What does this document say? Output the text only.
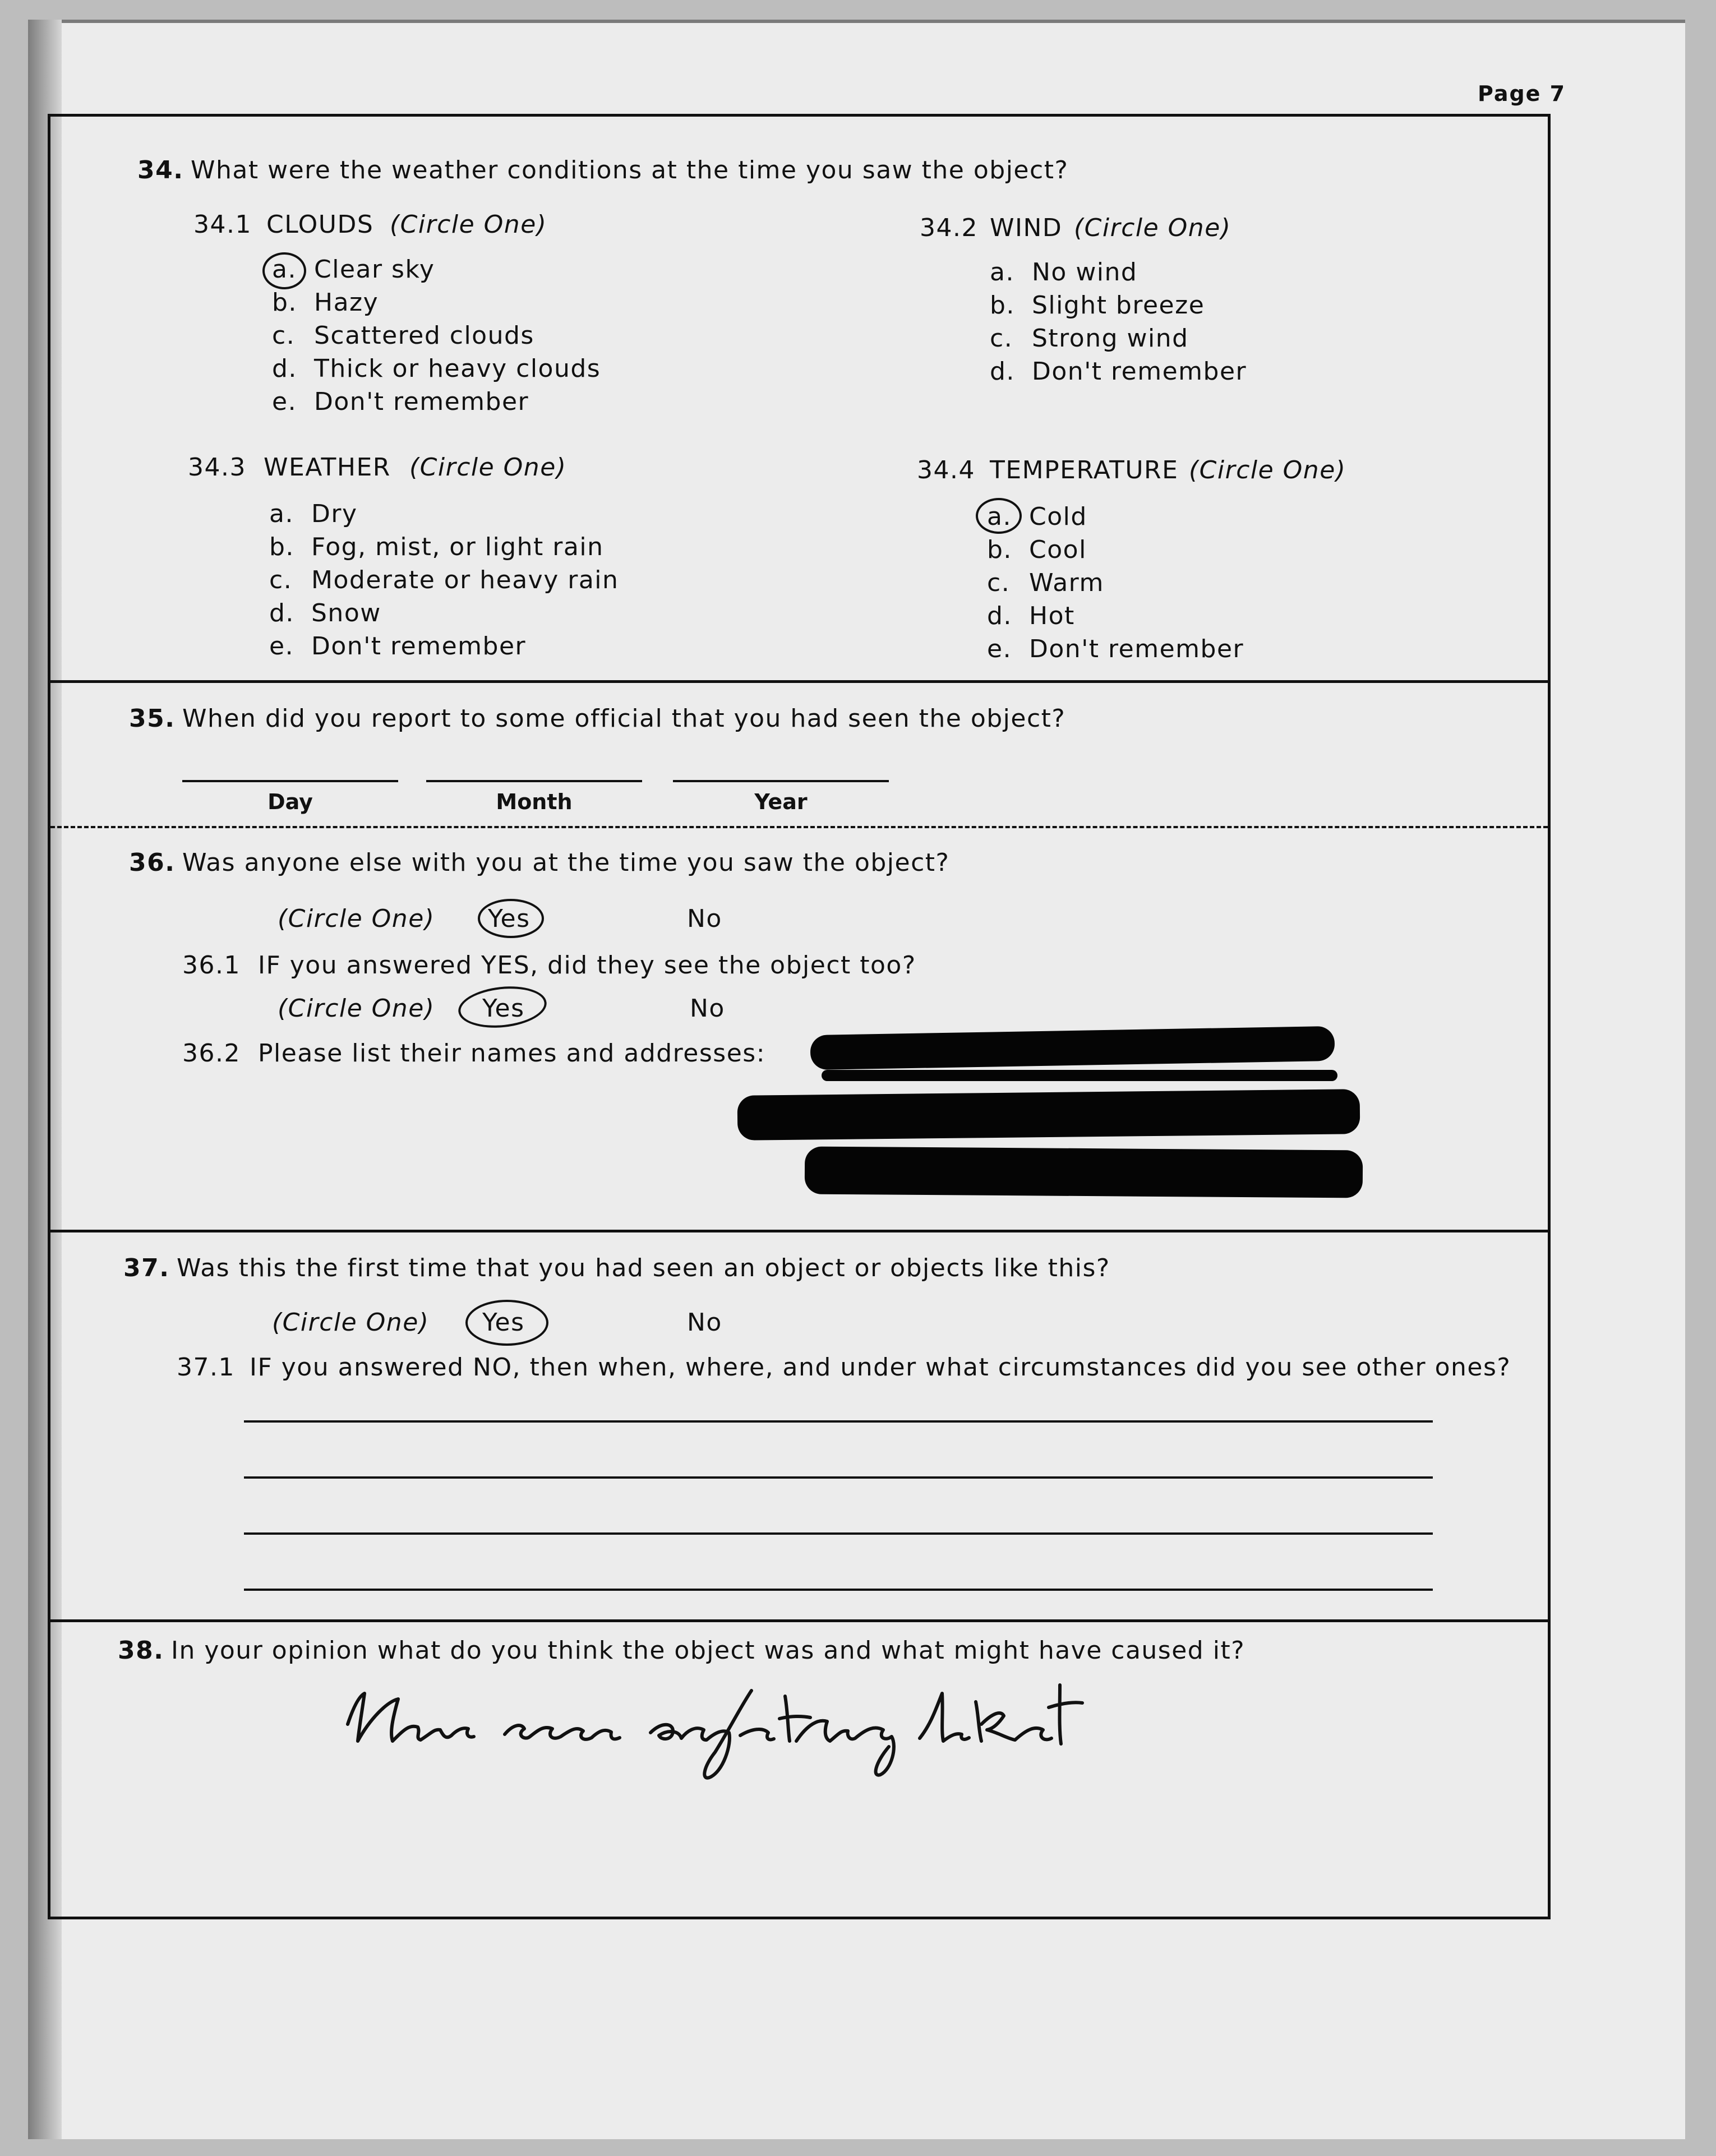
Page 7
34. What were the weather conditions at the time you saw the object?
34.1 CLOUDS (Circle One)
a. Clear sky
b. Hazy
c. Scattered clouds
d. Thick or heavy clouds
e. Don't remember
34.2 WIND (Circle One)
a. No wind
b. Slight breeze
c. Strong wind
d. Don't remember
34.3 WEATHER (Circle One)
a. Dry
b. Fog, mist, or light rain
c. Moderate or heavy rain
d. Snow
e. Don't remember
34.4 TEMPERATURE (Circle One)
a. Cold
b. Cool
c. Warm
d. Hot
e. Don't remember
35. When did you report to some official that you had seen the object?
Day	Month	Year
36. Was anyone else with you at the time you saw the object?
(Circle One) Yes	No
36.1 IF you answered YES, did they see the object too?
(Circle One) Yes	No
36.2 Please list their names and addresses:
37. Was this the first time that you had seen an object or objects like this?
(Circle One) Yes	No
37.1 IF you answered NO, then when, where, and under what circumstances did you see other ones?
38. In your opinion what do you think the object was and what might have caused it?
